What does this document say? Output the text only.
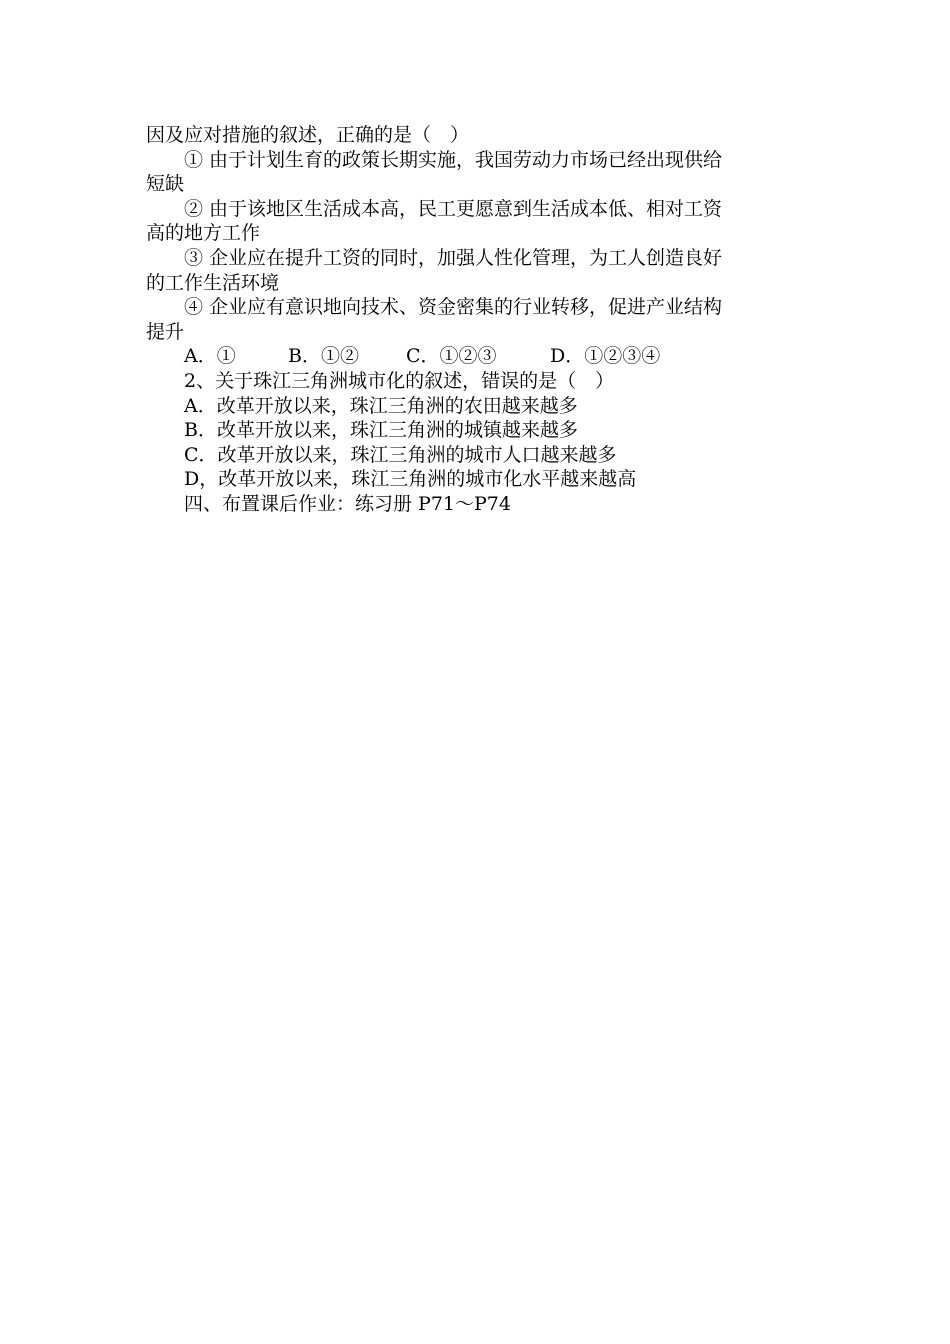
因及应对措施的叙述，正确的是（　）
① 由于计划生育的政策长期实施，我国劳动力市场已经出现供给
短缺
② 由于该地区生活成本高，民工更愿意到生活成本低、相对工资
高的地方工作
③ 企业应在提升工资的同时，加强人性化管理，为工人创造良好
的工作生活环境
④ 企业应有意识地向技术、资金密集的行业转移，促进产业结构
提升
A．①	B．①②	C．①②③	D．①②③④
2、关于珠江三角洲城市化的叙述，错误的是（　）
A．改革开放以来，珠江三角洲的农田越来越多
B．改革开放以来，珠江三角洲的城镇越来越多
C．改革开放以来，珠江三角洲的城市人口越来越多
D，改革开放以来，珠江三角洲的城市化水平越来越高
四、布置课后作业：练习册 P71～P74
